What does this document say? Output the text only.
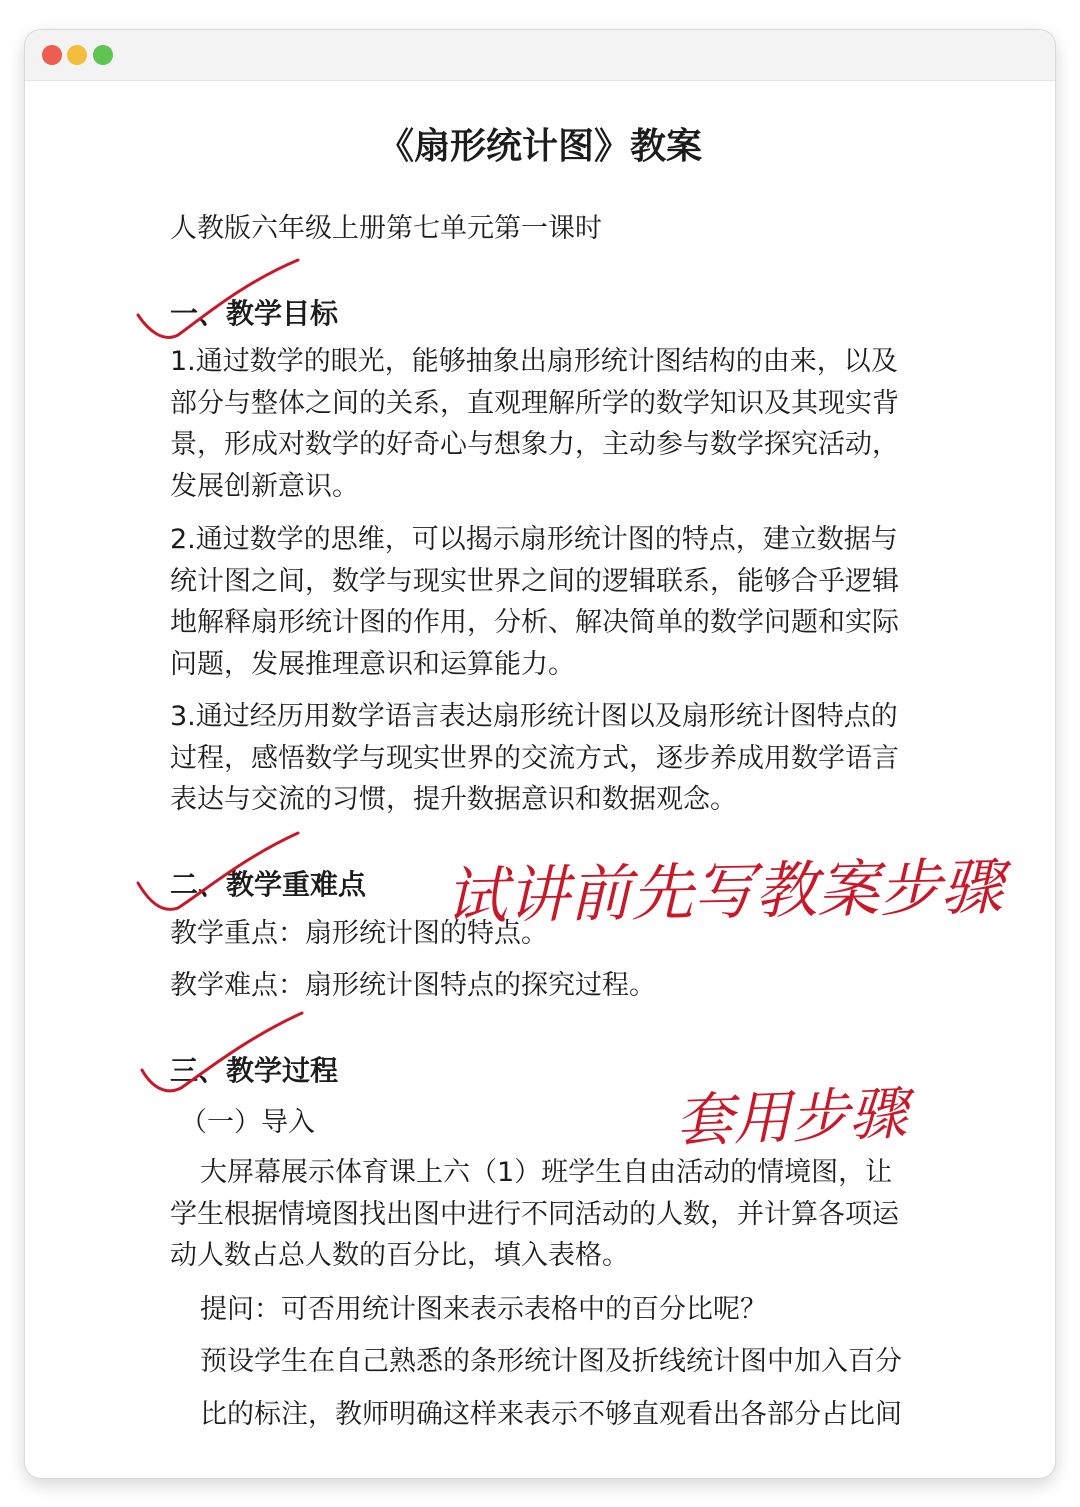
《扇形统计图》教案
人教版六年级上册第七单元第一课时
一、教学目标
1.通过数学的眼光，能够抽象出扇形统计图结构的由来，以及
部分与整体之间的关系，直观理解所学的数学知识及其现实背
景，形成对数学的好奇心与想象力，主动参与数学探究活动，
发展创新意识。
2.通过数学的思维，可以揭示扇形统计图的特点，建立数据与
统计图之间，数学与现实世界之间的逻辑联系，能够合乎逻辑
地解释扇形统计图的作用，分析、解决简单的数学问题和实际
问题，发展推理意识和运算能力。
3.通过经历用数学语言表达扇形统计图以及扇形统计图特点的
过程，感悟数学与现实世界的交流方式，逐步养成用数学语言
表达与交流的习惯，提升数据意识和数据观念。
二、教学重难点
教学重点：扇形统计图的特点。
教学难点：扇形统计图特点的探究过程。
三、教学过程
（一）导入
大屏幕展示体育课上六（1）班学生自由活动的情境图，让
学生根据情境图找出图中进行不同活动的人数，并计算各项运
动人数占总人数的百分比，填入表格。
提问：可否用统计图来表示表格中的百分比呢？
预设学生在自己熟悉的条形统计图及折线统计图中加入百分
比的标注，教师明确这样来表示不够直观看出各部分占比间
试讲前先写教案步骤
套用步骤
